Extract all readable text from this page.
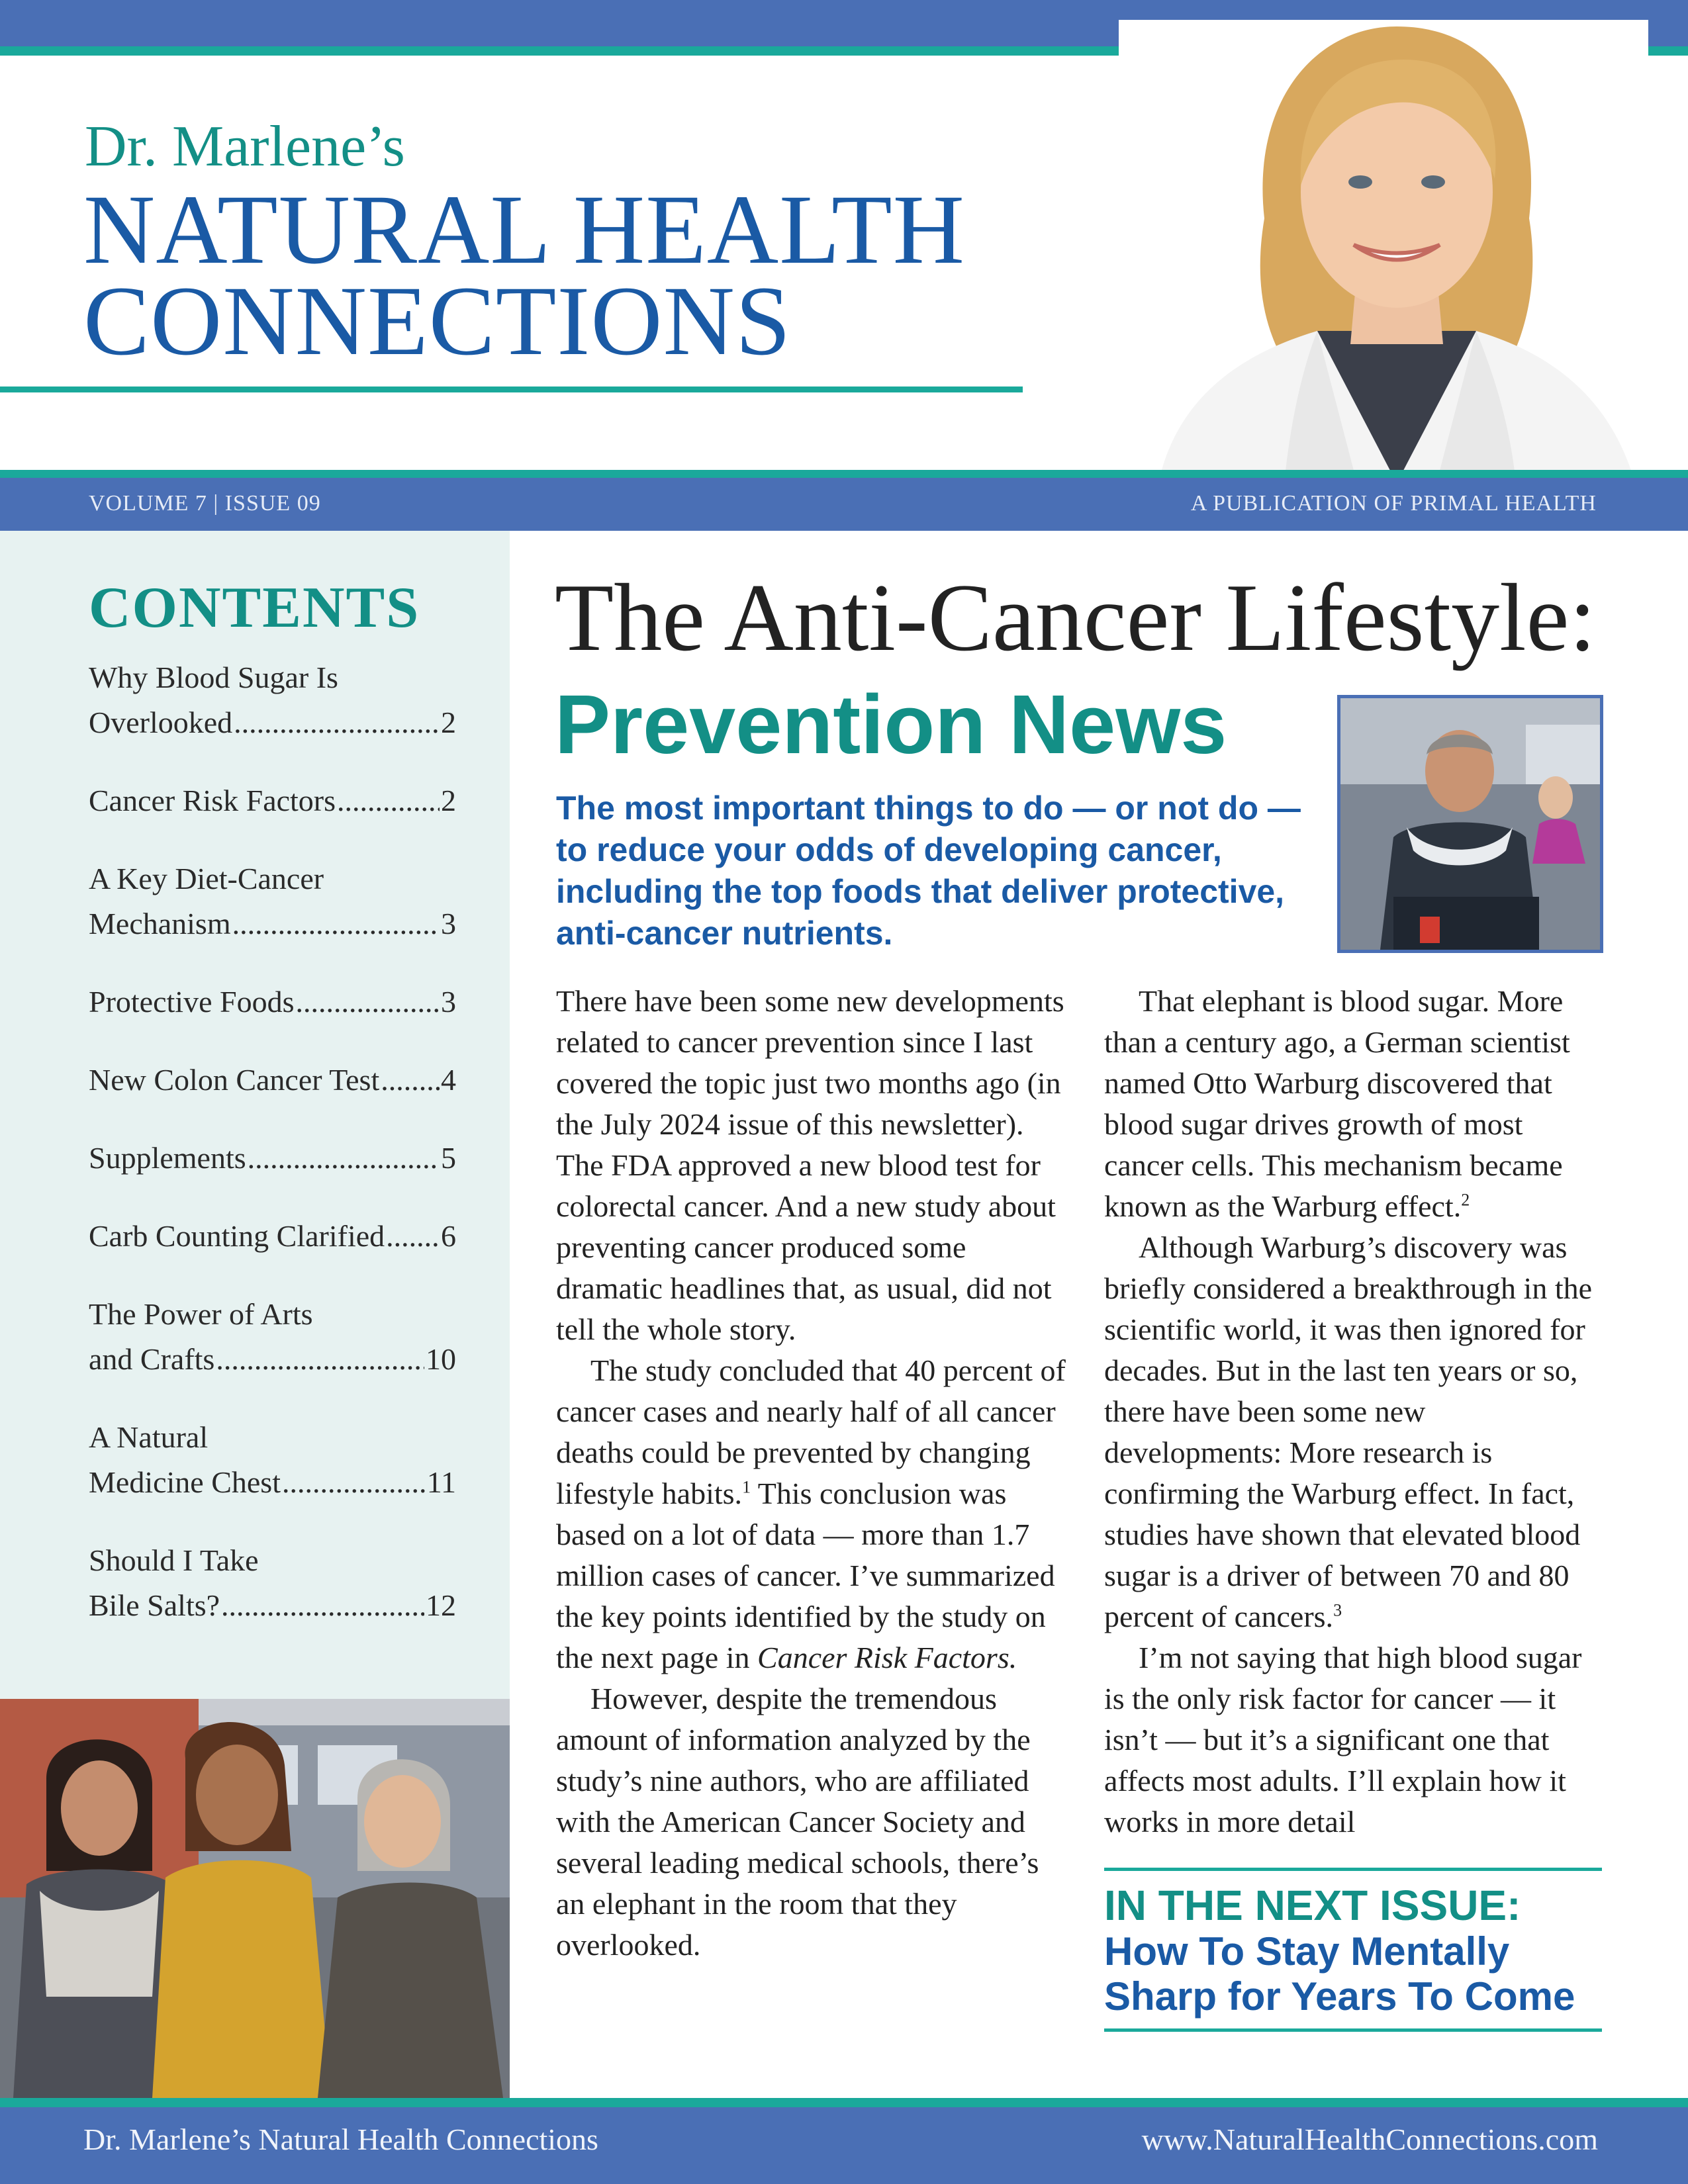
Dr. Marlene’s
NATURAL HEALTH
CONNECTIONS
VOLUME 7 | ISSUE 09	A PUBLICATION OF PRIMAL HEALTH
CONTENTS
Why Blood Sugar Is
Overlooked .....	2
Cancer Risk Factors .....	2
A Key Diet-Cancer
Mechanism .....	3
Protective Foods .....	3
New Colon Cancer Test ..... 4
Supplements .....	5
Carb Counting Clarified ..... 6
The Power of Arts
and Crafts .....	10
A Natural
Medicine Chest .....	11
Should I Take
Bile Salts? .....	12
The Anti-Cancer Lifestyle:
Prevention News
The most important things to do — or not do — to reduce your odds of developing cancer, including the top foods that deliver protective, anti-cancer nutrients.

There have been some new developments related to cancer prevention since I last covered the topic just two months ago (in the July 2024 issue of this newsletter). The FDA approved a new blood test for colorectal cancer. And a new study about preventing cancer produced some dramatic headlines that, as usual, did not tell the whole story.

The study concluded that 40 percent of cancer cases and nearly half of all cancer deaths could be prevented by changing lifestyle habits.$^1$ This conclusion was based on a lot of data — more than 1.7 million cases of cancer. I’ve summarized the key points identified by the study on the next page in Cancer Risk Factors.

However, despite the tremendous amount of information analyzed by the study’s nine authors, who are affiliated with the American Cancer Society and several leading medical schools, there’s an elephant in the room that they overlooked.

That elephant is blood sugar. More than a century ago, a German scientist named Otto Warburg discovered that blood sugar drives growth of most cancer cells. This mechanism became known as the Warburg effect.$^2$

Although Warburg’s discovery was briefly considered a breakthrough in the scientific world, it was then ignored for decades. But in the last ten years or so, there have been some new developments: More research is confirming the Warburg effect. In fact, studies have shown that elevated blood sugar is a driver of between 70 and 80 percent of cancers.$^3$

I’m not saying that high blood sugar is the only risk factor for cancer — it isn’t — but it’s a significant one that affects most adults. I’ll explain how it works in more detail

IN THE NEXT ISSUE:
How To Stay Mentally Sharp for Years To Come
Dr. Marlene’s Natural Health Connections	www.NaturalHealthConnections.com
